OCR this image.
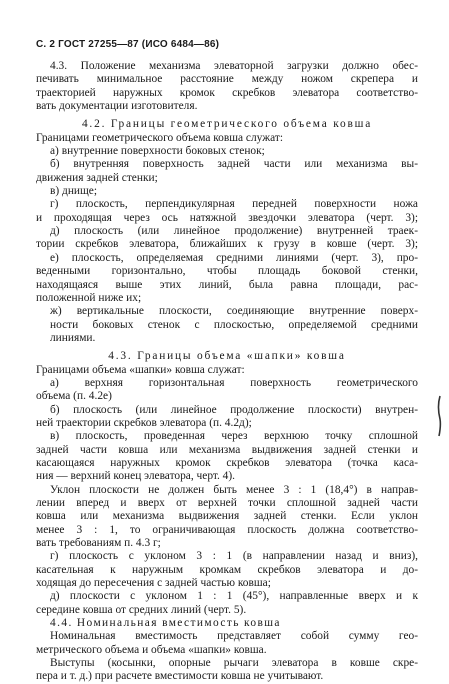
С. 2 ГОСТ 27255—87 (ИСО 6484—86)
4.3. Положение механизма элеваторной загрузки должно обес-
печивать минимальное расстояние между ножом скрепера и
траекторией наружных кромок скребков элеватора соответство-
вать документации изготовителя.
4.2. Границы геометрического объема ковша
Границами геометрического объема ковша служат:
а) внутренние поверхности боковых стенок;
б) внутренняя поверхность задней части или механизма вы-
движения задней стенки;
в) днище;
г) плоскость, перпендикулярная передней поверхности ножа
и проходящая через ось натяжной звездочки элеватора (черт. 3);
д) плоскость (или линейное продолжение) внутренней траек-
тории скребков элеватора, ближайших к грузу в ковше (черт. 3);
е) плоскость, определяемая средними линиями (черт. 3), про-
веденными горизонтально, чтобы площадь боковой стенки,
находящаяся выше этих линий, была равна площади, рас-
положенной ниже их;
ж) вертикальные плоскости, соединяющие внутренние поверх-
ности боковых стенок с плоскостью, определяемой средними
линиями.
4.3. Границы объема «шапки» ковша
Границами объема «шапки» ковша служат:
а) верхняя горизонтальная поверхность геометрического
объема (п. 4.2е)
б) плоскость (или линейное продолжение плоскости) внутрен-
ней траектории скребков элеватора (п. 4.2д);
в) плоскость, проведенная через верхнюю точку сплошной
задней части ковша или механизма выдвижения задней стенки и
касающаяся наружных кромок скребков элеватора (точка каса-
ния — верхний конец элеватора, черт. 4).
Уклон плоскости не должен быть менее 3 : 1 (18,4°) в направ-
лении вперед и вверх от верхней точки сплошной задней части
ковша или механизма выдвижения задней стенки. Если уклон
менее 3 : 1, то ограничивающая плоскость должна соответство-
вать требованиям п. 4.3 г;
г) плоскость с уклоном 3 : 1 (в направлении назад и вниз),
касательная к наружным кромкам скребков элеватора и до-
ходящая до пересечения с задней частью ковша;
д) плоскости с уклоном 1 : 1 (45°), направленные вверх и к
середине ковша от средних линий (черт. 5).
4.4. Номинальная вместимость ковша
Номинальная вместимость представляет собой сумму гео-
метрического объема и объема «шапки» ковша.
Выступы (косынки, опорные рычаги элеватора в ковше скре-
пера и т. д.) при расчете вместимости ковша не учитывают.
